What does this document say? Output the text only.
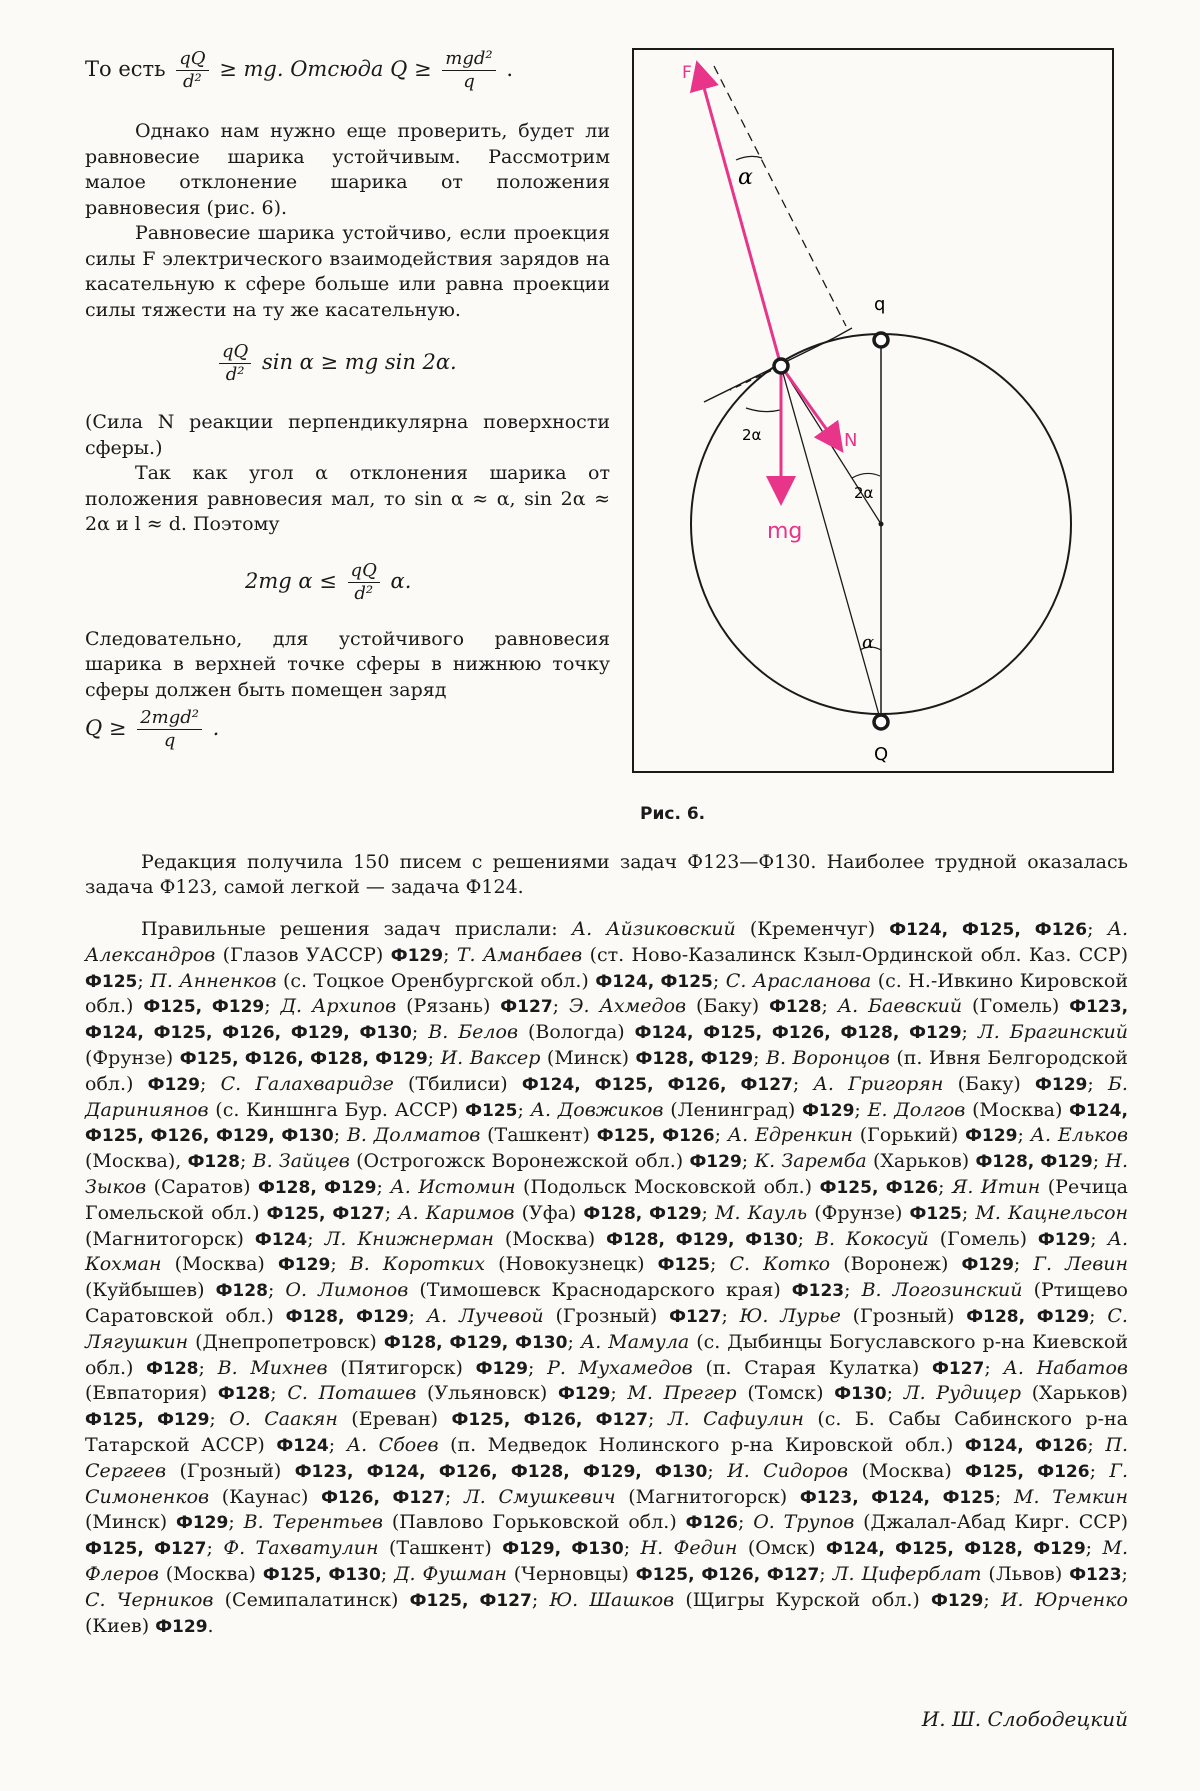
То есть $\frac{qQ}{\text{d²}}$ ≥ mg. Отсюда $Q \ge \frac{\text{mgd²}}{q}$ .

Однако нам нужно еще проверить, будет ли равновесие шарика устойчивым. Рассмотрим малое отклонение шарика от положения равновесия (рис. 6).

Равновесие шарика устойчиво, если проекция силы F электрического взаимодействия зарядов на касательную к сфере больше или равна проекции силы тяжести на ту же касательную.

$\frac{qQ}{\text{d²}}$ sin α ≥ mg sin 2α.

(Сила N реакции перпендикулярна поверхности сферы.)

Так как угол α отклонения шарика от положения равновесия мал, то sin α ≈ α, sin 2α ≈ 2α и l ≈ d. Поэтому

2mg $\alpha \le \frac{qQ}{\text{d²}} \alpha$.

Следовательно, для устойчивого равновесия шарика в верхней точке сферы в нижнюю точку сферы должен быть помещен заряд

$Q \ge \frac{\text{2mgd²}}{q}$ .

F
α
q
2α	N
2α
mg
α
Q
Рис. 6.

Редакция получила 150 писем с решениями задач Ф123—Ф130. Наиболее трудной оказалась задача Ф123, самой легкой — задача Ф124.

Правильные решения задач прислали: А. Айзиковский (Кременчуг) Ф124, Ф125, Ф126; А. Александров (Глазов УАССР) Ф129; Т. Аманбаев (ст. Ново-Казалинск Кзыл-Ординской обл. Каз. ССР) Ф125; П. Анненков (с. Тоцкое Оренбургской обл.) Ф124, Ф125; С. Арасланова (с. Н.-Ивкино Кировской обл.) Ф125, Ф129; Д. Архипов (Рязань) Ф127; Э. Ахмедов (Баку) Ф128; А. Баевский (Гомель) Ф123, Ф124, Ф125, Ф126, Ф129, Ф130; В. Белов (Вологда) Ф124, Ф125, Ф126, Ф128, Ф129; Л. Брагинский (Фрунзе) Ф125, Ф126, Ф128, Ф129; И. Ваксер (Минск) Ф128, Ф129; В. Воронцов (п. Ивня Белгородской обл.) Ф129; С. Галахваридзе (Тбилиси) Ф124, Ф125, Ф126, Ф127; А. Григорян (Баку) Ф129; Б. Дариниянов (с. Киншнга Бур. АССР) Ф125; А. Довжиков (Ленинград) Ф129; Е. Долгов (Москва) Ф124, Ф125, Ф126, Ф129, Ф130; В. Долматов (Ташкент) Ф125, Ф126; А. Едренкин (Горький) Ф129; А. Ельков (Москва), Ф128; В. Зайцев (Острогожск Воронежской обл.) Ф129; К. Заремба (Харьков) Ф128, Ф129; Н. Зыков (Саратов) Ф128, Ф129; А. Истомин (Подольск Московской обл.) Ф125, Ф126; Я. Итин (Речица Гомельской обл.) Ф125, Ф127; А. Каримов (Уфа) Ф128, Ф129; М. Кауль (Фрунзе) Ф125; М. Кацнельсон (Магнитогорск) Ф124; Л. Книжнерман (Москва) Ф128, Ф129, Ф130; В. Кокосуй (Гомель) Ф129; А. Кохман (Москва) Ф129; В. Коротких (Новокузнецк) Ф125; С. Котко (Воронеж) Ф129; Г. Левин (Куйбышев) Ф128; О. Лимонов (Тимошевск Краснодарского края) Ф123; В. Логозинский (Ртищево Саратовской обл.) Ф128, Ф129; А. Лучевой (Грозный) Ф127; Ю. Лурье (Грозный) Ф128, Ф129; С. Лягушкин (Днепропетровск) Ф128, Ф129, Ф130; А. Мамула (с. Дыбинцы Богуславского р-на Киевской обл.) Ф128; В. Михнев (Пятигорск) Ф129; Р. Мухамедов (п. Старая Кулатка) Ф127; А. Набатов (Евпатория) Ф128; С. Поташев (Ульяновск) Ф129; М. Прегер (Томск) Ф130; Л. Рудицер (Харьков) Ф125, Ф129; О. Саакян (Ереван) Ф125, Ф126, Ф127; Л. Сафиулин (с. Б. Сабы Сабинского р-на Татарской АССР) Ф124; А. Сбоев (п. Медведок Нолинского р-на Кировской обл.) Ф124, Ф126; П. Сергеев (Грозный) Ф123, Ф124, Ф126, Ф128, Ф129, Ф130; И. Сидоров (Москва) Ф125, Ф126; Г. Симоненков (Каунас) Ф126, Ф127; Л. Смушкевич (Магнитогорск) Ф123, Ф124, Ф125; М. Темкин (Минск) Ф129; В. Терентьев (Павлово Горьковской обл.) Ф126; О. Трупов (Джалал-Абад Кирг. ССР) Ф125, Ф127; Ф. Тахватулин (Ташкент) Ф129, Ф130; Н. Федин (Омск) Ф124, Ф125, Ф128, Ф129; М. Флеров (Москва) Ф125, Ф130; Д. Фушман (Черновцы) Ф125, Ф126, Ф127; Л. Циферблат (Львов) Ф123; С. Черников (Семипалатинск) Ф125, Ф127; Ю. Шашков (Щигры Курской обл.) Ф129; И. Юрченко (Киев) Ф129.

И. Ш. Слободецкий
